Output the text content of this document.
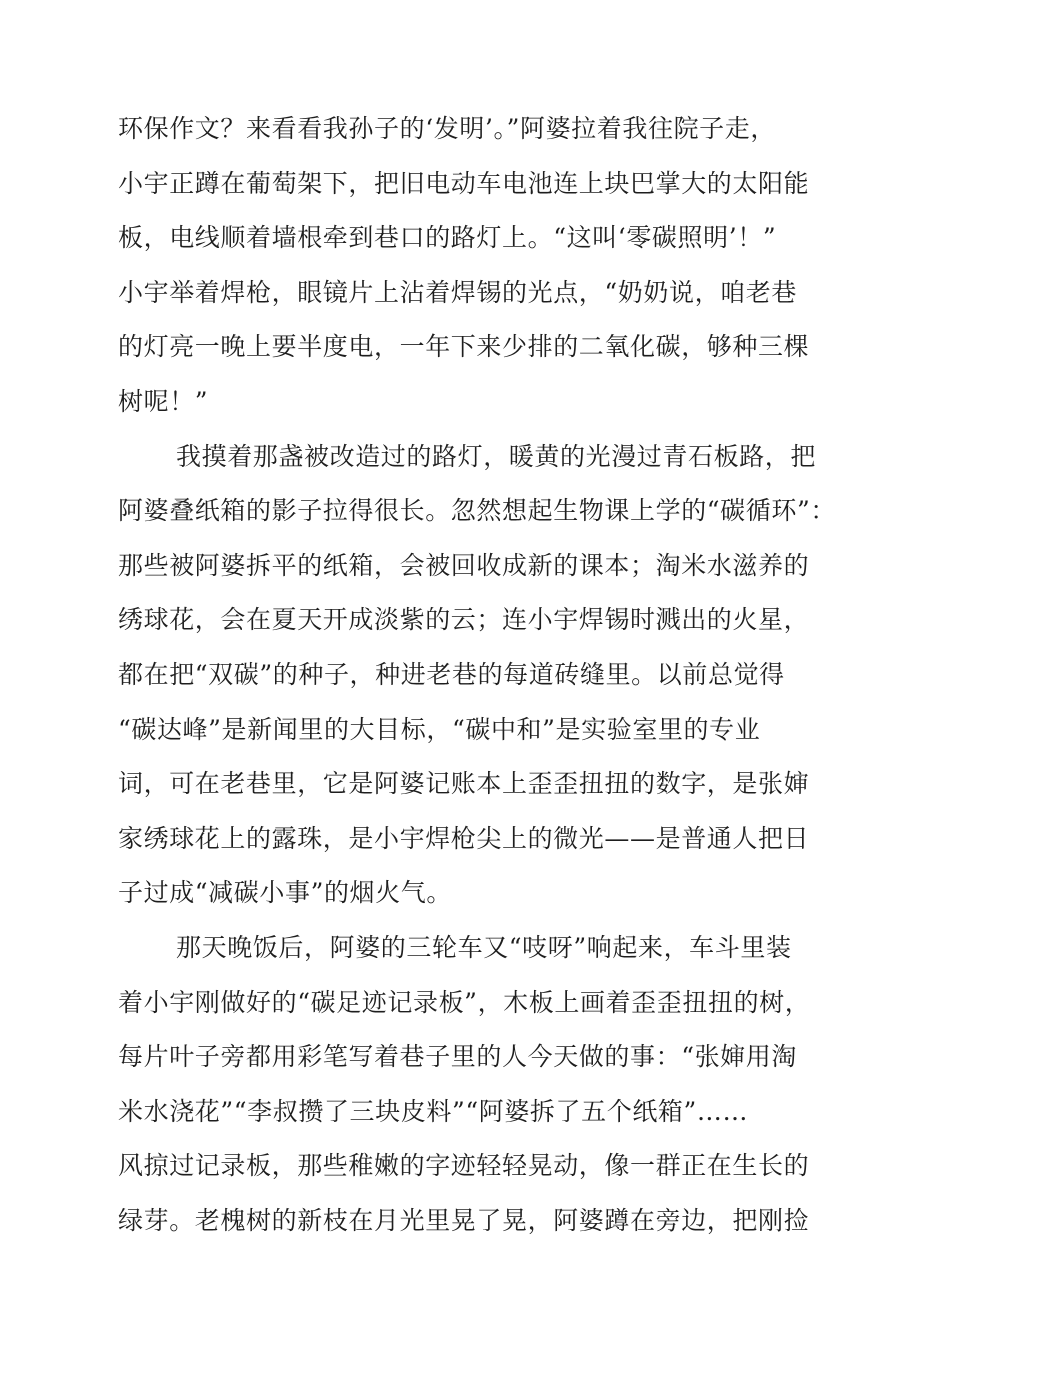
环保作文？来看看我孙子的‘发明’。”阿婆拉着我往院子走，
小宇正蹲在葡萄架下，把旧电动车电池连上块巴掌大的太阳能
板，电线顺着墙根牵到巷口的路灯上。“这叫‘零碳照明’！”
小宇举着焊枪，眼镜片上沾着焊锡的光点，“奶奶说，咱老巷
的灯亮一晚上要半度电，一年下来少排的二氧化碳，够种三棵
树呢！”
我摸着那盏被改造过的路灯，暖黄的光漫过青石板路，把
阿婆叠纸箱的影子拉得很长。忽然想起生物课上学的“碳循环”：
那些被阿婆拆平的纸箱，会被回收成新的课本；淘米水滋养的
绣球花，会在夏天开成淡紫的云；连小宇焊锡时溅出的火星，
都在把“双碳”的种子，种进老巷的每道砖缝里。以前总觉得
“碳达峰”是新闻里的大目标，“碳中和”是实验室里的专业
词，可在老巷里，它是阿婆记账本上歪歪扭扭的数字，是张婶
家绣球花上的露珠，是小宇焊枪尖上的微光——是普通人把日
子过成“减碳小事”的烟火气。
那天晚饭后，阿婆的三轮车又“吱呀”响起来，车斗里装
着小宇刚做好的“碳足迹记录板”，木板上画着歪歪扭扭的树，
每片叶子旁都用彩笔写着巷子里的人今天做的事：“张婶用淘
米水浇花”“李叔攒了三块皮料”“阿婆拆了五个纸箱”……
风掠过记录板，那些稚嫩的字迹轻轻晃动，像一群正在生长的
绿芽。老槐树的新枝在月光里晃了晃，阿婆蹲在旁边，把刚捡
